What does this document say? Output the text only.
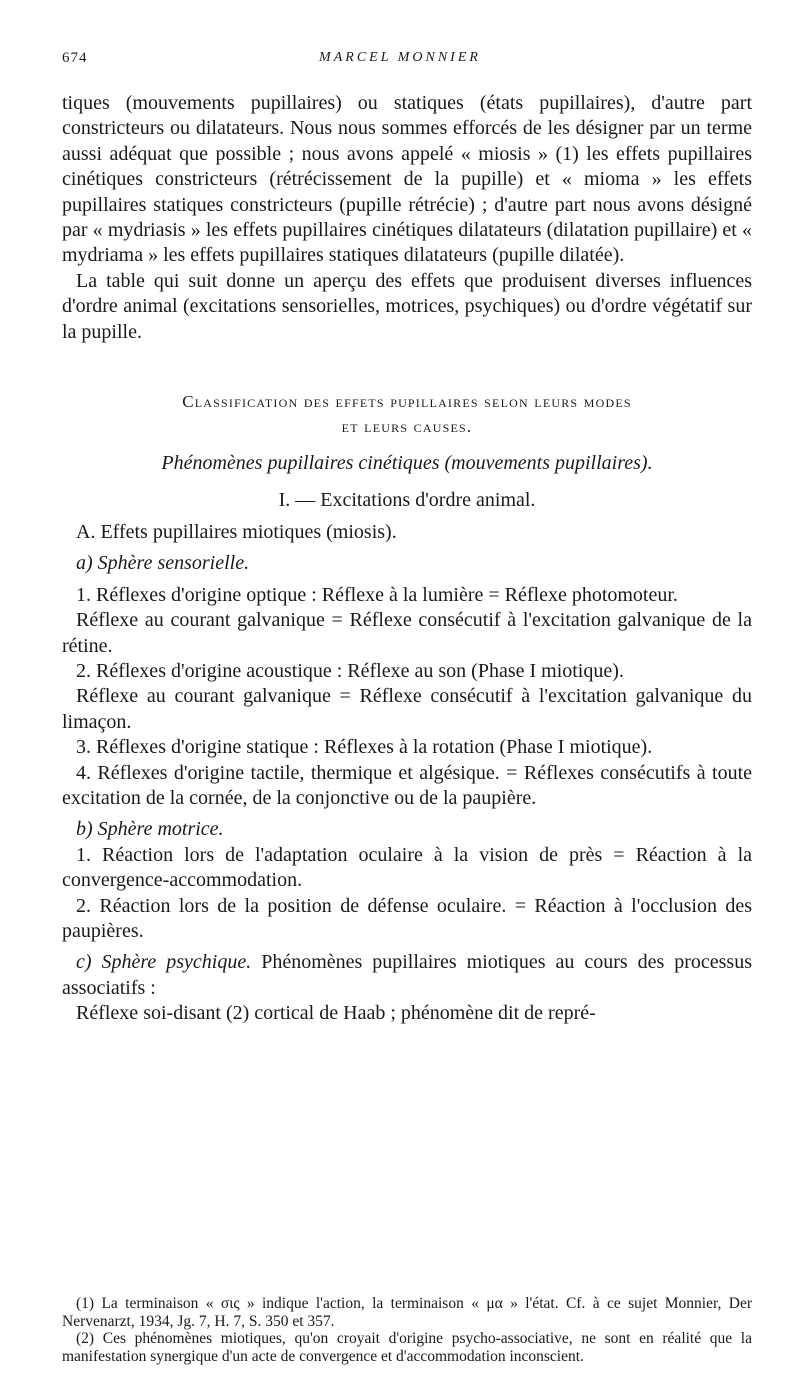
674	MARCEL MONNIER

tiques (mouvements pupillaires) ou statiques (états pupillaires), d'autre part constricteurs ou dilatateurs. Nous nous sommes efforcés de les désigner par un terme aussi adéquat que possible ; nous avons appelé « miosis » (1) les effets pupillaires cinétiques constricteurs (rétrécissement de la pupille) et « mioma » les effets pupillaires statiques constricteurs (pupille rétrécie) ; d'autre part nous avons désigné par « mydriasis » les effets pupillaires cinétiques dilatateurs (dilatation pupillaire) et « mydriama » les effets pupillaires statiques dilatateurs (pupille dilatée).

La table qui suit donne un aperçu des effets que produisent diverses influences d'ordre animal (excitations sensorielles, motrices, psychiques) ou d'ordre végétatif sur la pupille.

Classification des effets pupillaires selon leurs modes

et leurs causes.

Phénomènes pupillaires cinétiques (mouvements pupillaires).

I. — Excitations d'ordre animal.

A. Effets pupillaires miotiques (miosis).

a) Sphère sensorielle.

1. Réflexes d'origine optique : Réflexe à la lumière = Réflexe photomoteur.

Réflexe au courant galvanique = Réflexe consécutif à l'excitation galvanique de la rétine.

2. Réflexes d'origine acoustique : Réflexe au son (Phase I miotique).

Réflexe au courant galvanique = Réflexe consécutif à l'excitation galvanique du limaçon.

3. Réflexes d'origine statique : Réflexes à la rotation (Phase I miotique).

4. Réflexes d'origine tactile, thermique et algésique. = Réflexes consécutifs à toute excitation de la cornée, de la conjonctive ou de la paupière.

b) Sphère motrice.

1. Réaction lors de l'adaptation oculaire à la vision de près = Réaction à la convergence-accommodation.

2. Réaction lors de la position de défense oculaire. = Réaction à l'occlusion des paupières.

c) Sphère psychique. Phénomènes pupillaires miotiques au cours des processus associatifs :

Réflexe soi-disant (2) cortical de Haab ; phénomène dit de repré-

(1) La terminaison « σις » indique l'action, la terminaison « μα » l'état. Cf. à ce sujet Monnier, Der Nervenarzt, 1934, Jg. 7, H. 7, S. 350 et 357.

(2) Ces phénomènes miotiques, qu'on croyait d'origine psycho-associative, ne sont en réalité que la manifestation synergique d'un acte de convergence et d'accommodation inconscient.
